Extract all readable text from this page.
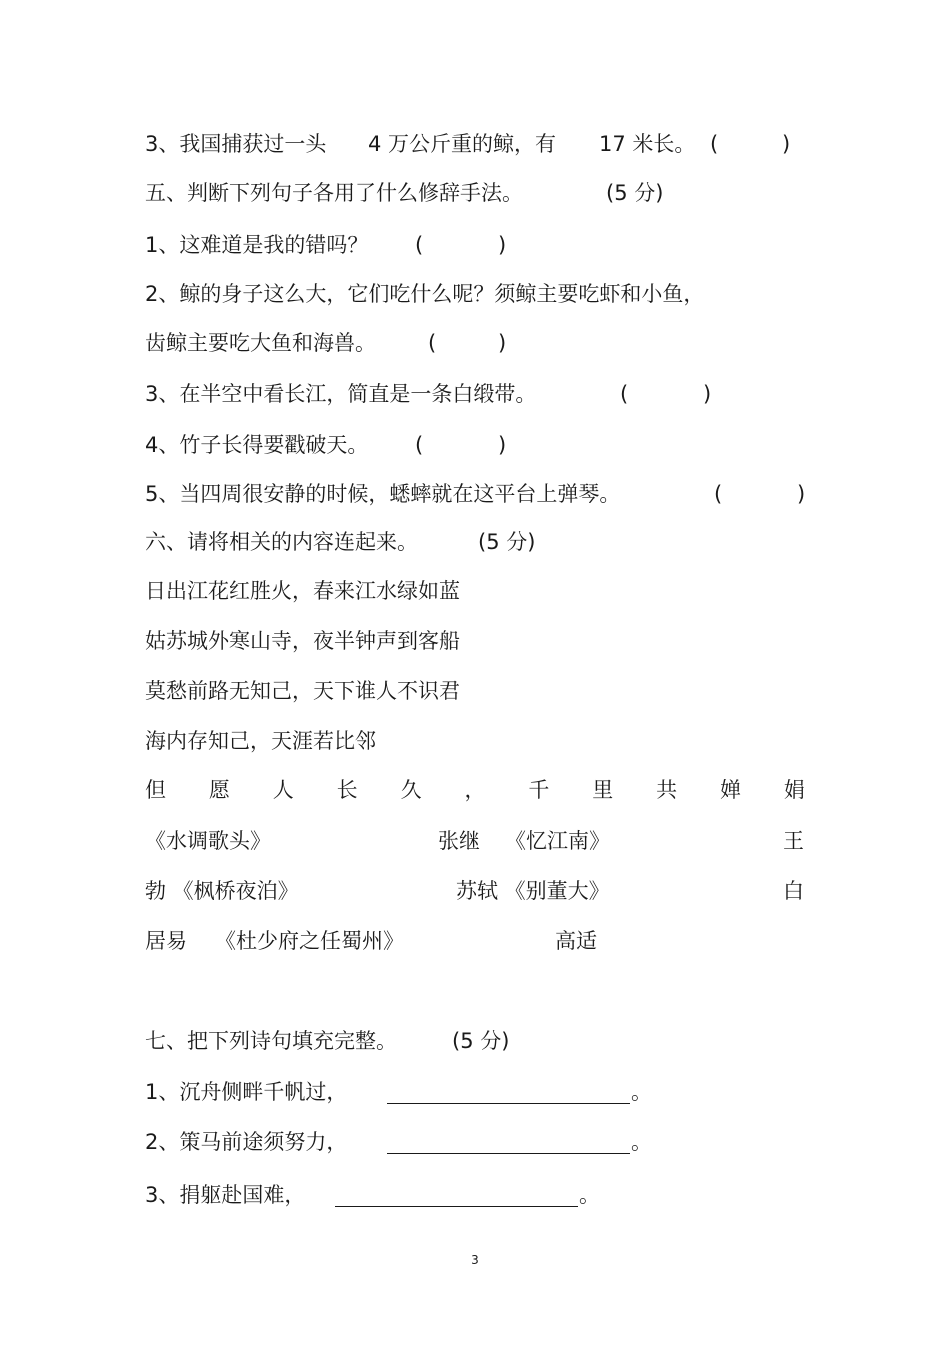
3、我国捕获过一头 4 万公斤重的鲸，有 17 米长。 (	)
五、判断下列句子各用了什么修辞手法。	(5 分)
1、这难道是我的错吗？ (	)
2、鲸的身子这么大，它们吃什么呢？须鲸主要吃虾和小鱼，
齿鲸主要吃大鱼和海兽。 (	)
3、在半空中看长江，简直是一条白缎带。	(	)
4、竹子长得要戳破天。 (	)
5、当四周很安静的时候，蟋蟀就在这平台上弹琴。	(	)
六、请将相关的内容连起来。	(5 分)
日出江花红胜火，春来江水绿如蓝
姑苏城外寒山寺，夜半钟声到客船
莫愁前路无知己，天下谁人不识君
海内存知己，天涯若比邻
但 愿 人 长 久 ， 千 里 共 婵 娟
《水调歌头》	张继 《忆江南》	王
勃 《枫桥夜泊》	苏轼 《别董大》	白
居易 《杜少府之任蜀州》	高适
七、把下列诗句填充完整。	(5 分)
1、沉舟侧畔千帆过，	。
2、策马前途须努力，	。
3、捐躯赴国难，	。
3
